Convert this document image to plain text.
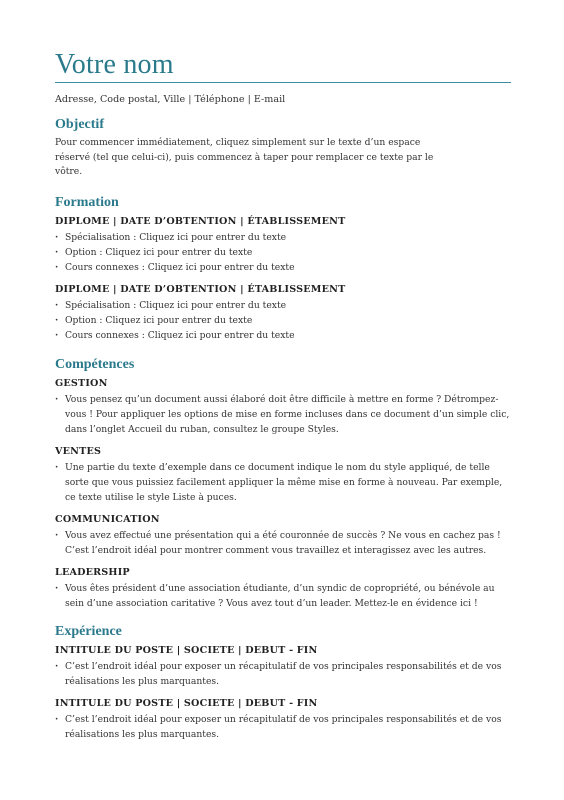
Votre nom
Adresse, Code postal, Ville | Téléphone | E-mail
Objectif

Pour commencer immédiatement, cliquez simplement sur le texte d’un espace réservé (tel que celui-ci), puis commencez à taper pour remplacer ce texte par le vôtre.

Formation

DIPLOME | DATE D’OBTENTION | ÉTABLISSEMENT

· Spécialisation : Cliquez ici pour entrer du texte
· Option : Cliquez ici pour entrer du texte
· Cours connexes : Cliquez ici pour entrer du texte

DIPLOME | DATE D’OBTENTION | ÉTABLISSEMENT

· Spécialisation : Cliquez ici pour entrer du texte
· Option : Cliquez ici pour entrer du texte
· Cours connexes : Cliquez ici pour entrer du texte
Compétences

GESTION

· Vous pensez qu’un document aussi élaboré doit être difficile à mettre en forme ? Détrompez-vous ! Pour appliquer les options de mise en forme incluses dans ce document d’un simple clic, dans l’onglet Accueil du ruban, consultez le groupe Styles.

VENTES

· Une partie du texte d’exemple dans ce document indique le nom du style appliqué, de telle sorte que vous puissiez facilement appliquer la même mise en forme à nouveau. Par exemple, ce texte utilise le style Liste à puces.

COMMUNICATION

· Vous avez effectué une présentation qui a été couronnée de succès ? Ne vous en cachez pas ! C’est l’endroit idéal pour montrer comment vous travaillez et interagissez avec les autres.

LEADERSHIP

· Vous êtes président d’une association étudiante, d’un syndic de copropriété, ou bénévole au sein d’une association caritative ? Vous avez tout d’un leader. Mettez-le en évidence ici !
Expérience

INTITULE DU POSTE | SOCIETE | DEBUT - FIN

· C’est l’endroit idéal pour exposer un récapitulatif de vos principales responsabilités et de vos réalisations les plus marquantes.

INTITULE DU POSTE | SOCIETE | DEBUT - FIN

· C’est l’endroit idéal pour exposer un récapitulatif de vos principales responsabilités et de vos réalisations les plus marquantes.
